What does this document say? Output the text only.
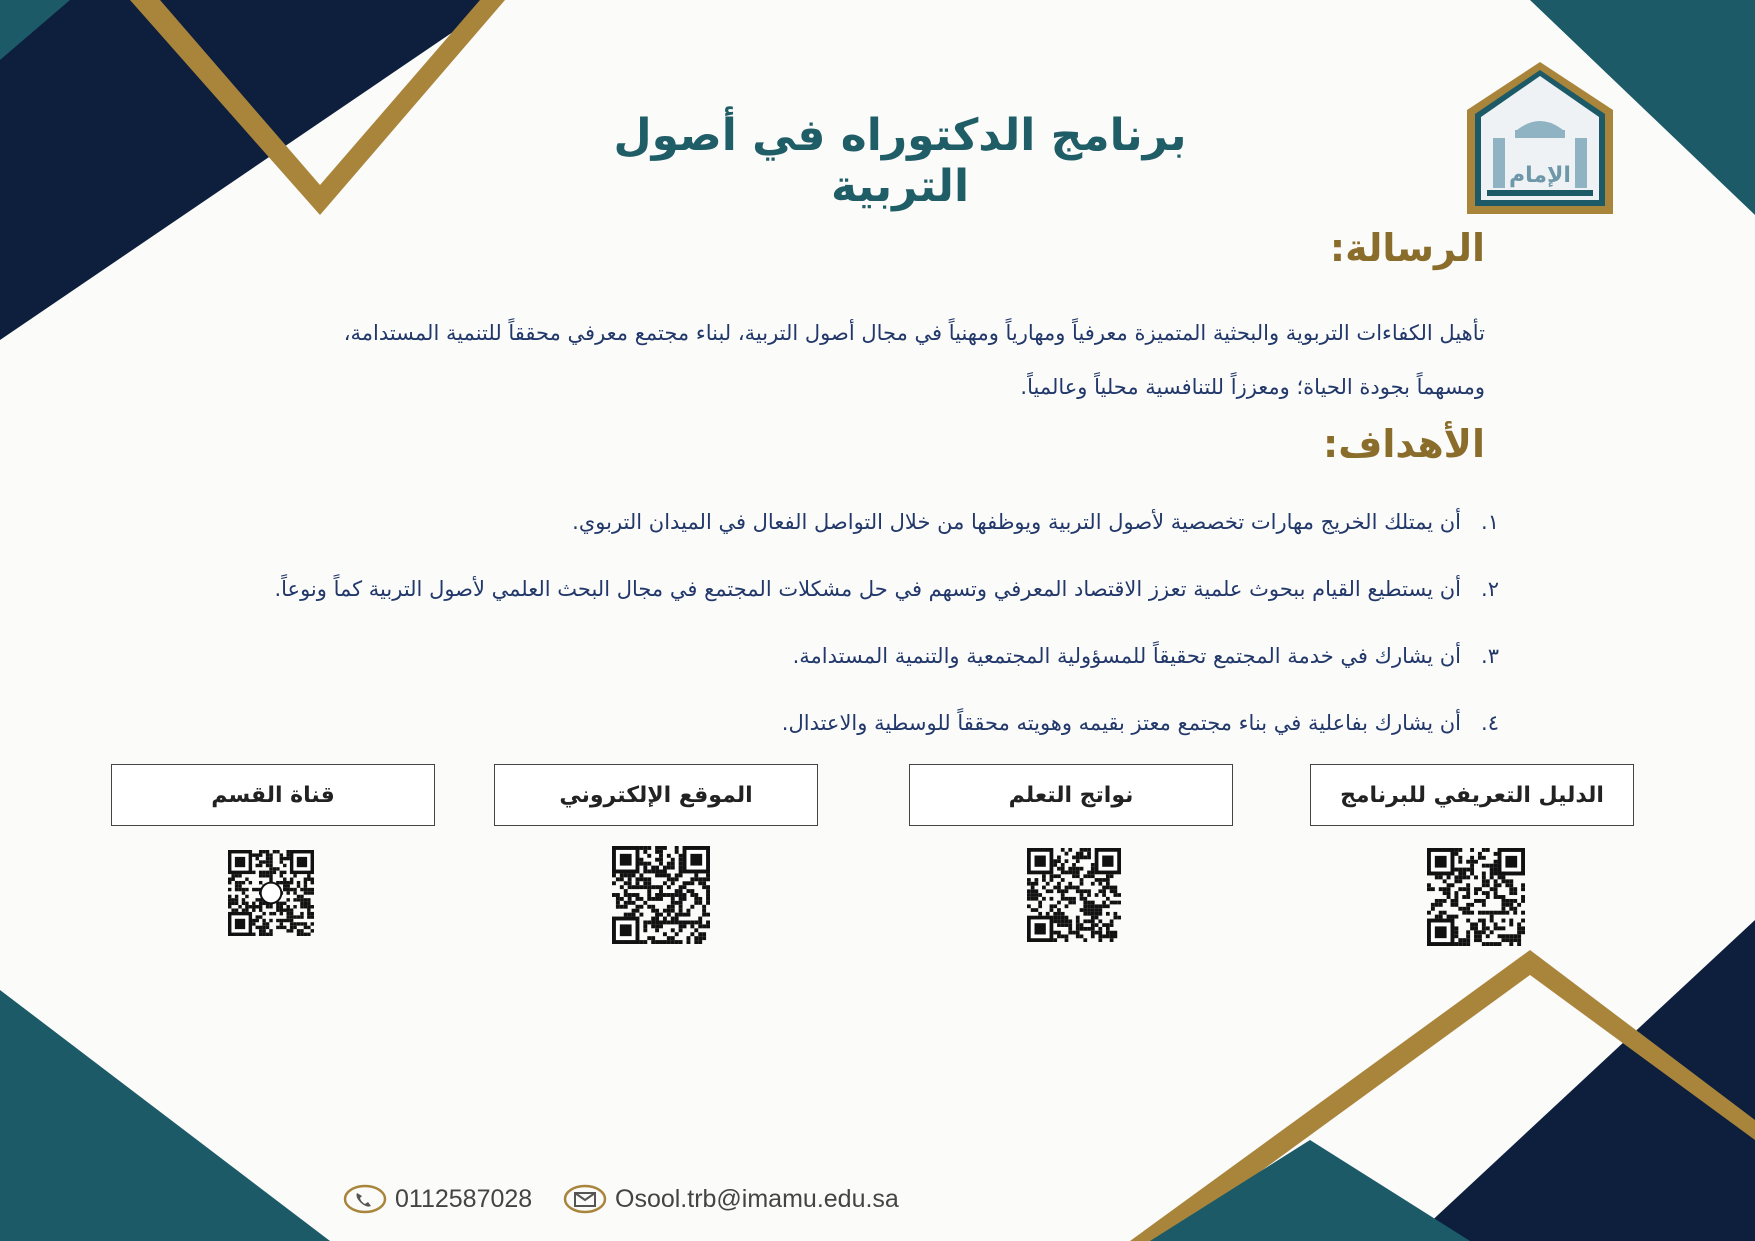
الإمام
برنامج الدكتوراه في أصول التربية
الرسالة:
تأهيل الكفاءات التربوية والبحثية المتميزة معرفياً ومهارياً ومهنياً في مجال أصول التربية، لبناء مجتمع معرفي محققاً للتنمية المستدامة،
ومسهماً بجودة الحياة؛ ومعززاً للتنافسية محلياً وعالمياً.
الأهداف:
١.أن يمتلك الخريج مهارات تخصصية لأصول التربية ويوظفها من خلال التواصل الفعال في الميدان التربوي.
٢.أن يستطيع القيام ببحوث علمية تعزز الاقتصاد المعرفي وتسهم في حل مشكلات المجتمع في مجال البحث العلمي لأصول التربية كماً ونوعاً.
٣.أن يشارك في خدمة المجتمع تحقيقاً للمسؤولية المجتمعية والتنمية المستدامة.
٤.أن يشارك بفاعلية في بناء مجتمع معتز بقيمه وهويته محققاً للوسطية والاعتدال.
الدليل التعريفي للبرنامج
نواتج التعلم
الموقع الإلكتروني
قناة القسم
0112587028	Osool.trb@imamu.edu.sa
